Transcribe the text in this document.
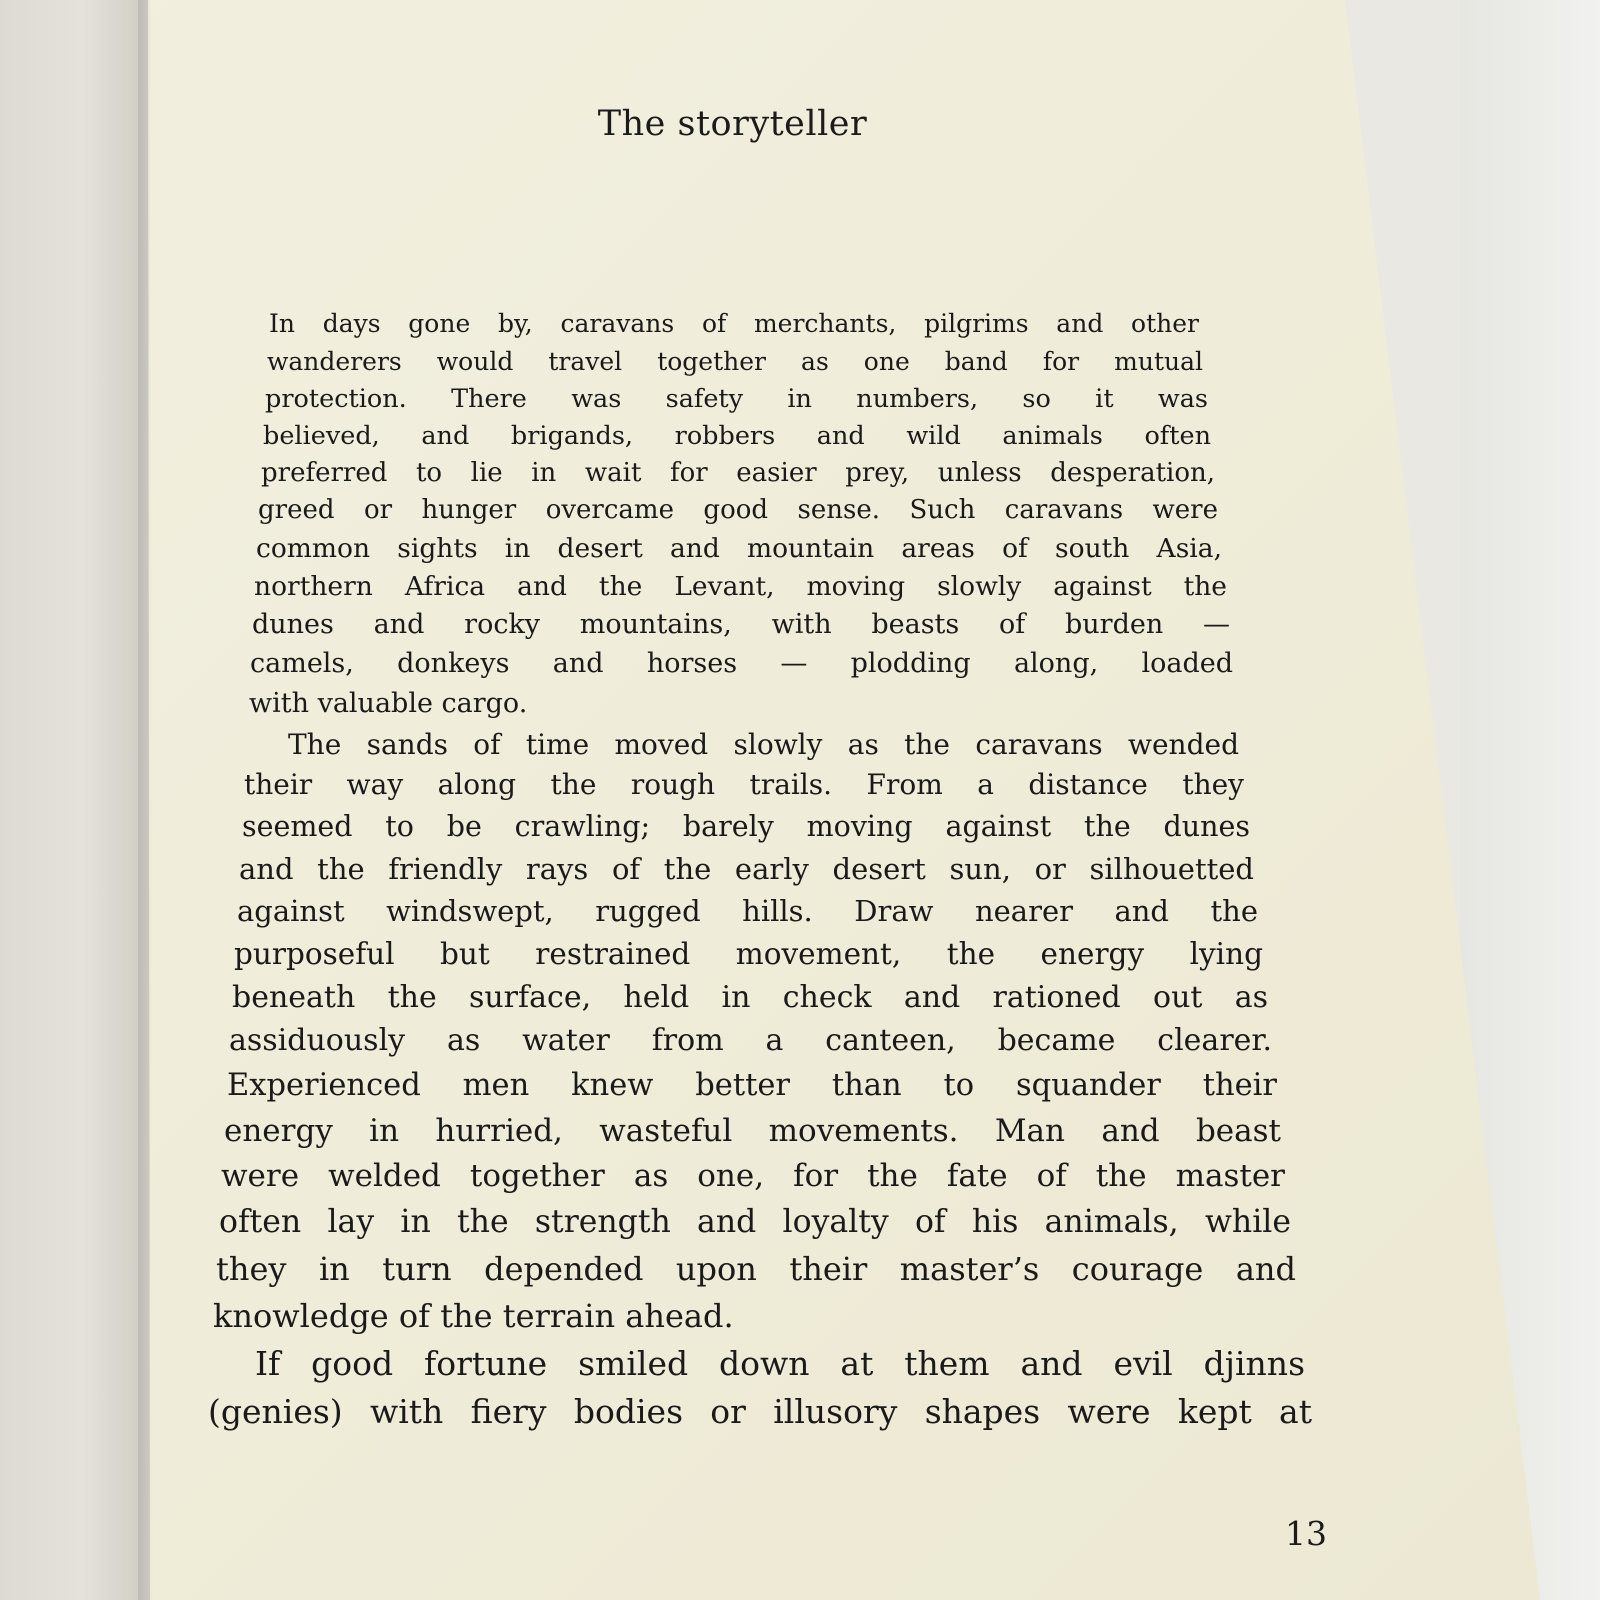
The storyteller
In days gone by, caravans of merchants, pilgrims and other
wanderers would travel together as one band for mutual
protection. There was safety in numbers, so it was
believed, and brigands, robbers and wild animals often
preferred to lie in wait for easier prey, unless desperation,
greed or hunger overcame good sense. Such caravans were
common sights in desert and mountain areas of south Asia,
northern Africa and the Levant, moving slowly against the
dunes and rocky mountains, with beasts of burden —
camels, donkeys and horses — plodding along, loaded
with valuable cargo.
The sands of time moved slowly as the caravans wended
their way along the rough trails. From a distance they
seemed to be crawling; barely moving against the dunes
and the friendly rays of the early desert sun, or silhouetted
against windswept, rugged hills. Draw nearer and the
purposeful but restrained movement, the energy lying
beneath the surface, held in check and rationed out as
assiduously as water from a canteen, became clearer.
Experienced men knew better than to squander their
energy in hurried, wasteful movements. Man and beast
were welded together as one, for the fate of the master
often lay in the strength and loyalty of his animals, while
they in turn depended upon their master’s courage and
knowledge of the terrain ahead.
If good fortune smiled down at them and evil djinns
(genies) with fiery bodies or illusory shapes were kept at
13
